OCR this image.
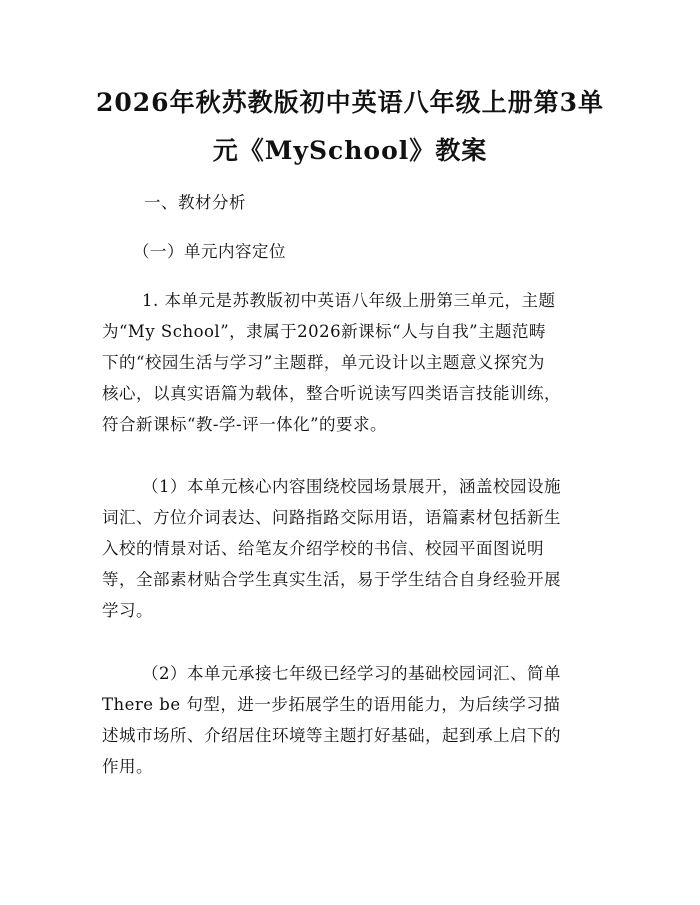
2026年秋苏教版初中英语八年级上册第3单
元《MySchool》教案
一、教材分析
（一）单元内容定位
1. 本单元是苏教版初中英语八年级上册第三单元，主题
为“My School”，隶属于2026新课标“人与自我”主题范畴
下的“校园生活与学习”主题群，单元设计以主题意义探究为
核心，以真实语篇为载体，整合听说读写四类语言技能训练，
符合新课标“教-学-评一体化”的要求。
（1）本单元核心内容围绕校园场景展开，涵盖校园设施
词汇、方位介词表达、问路指路交际用语，语篇素材包括新生
入校的情景对话、给笔友介绍学校的书信、校园平面图说明
等，全部素材贴合学生真实生活，易于学生结合自身经验开展
学习。
（2）本单元承接七年级已经学习的基础校园词汇、简单
There be 句型，进一步拓展学生的语用能力，为后续学习描
述城市场所、介绍居住环境等主题打好基础，起到承上启下的
作用。
